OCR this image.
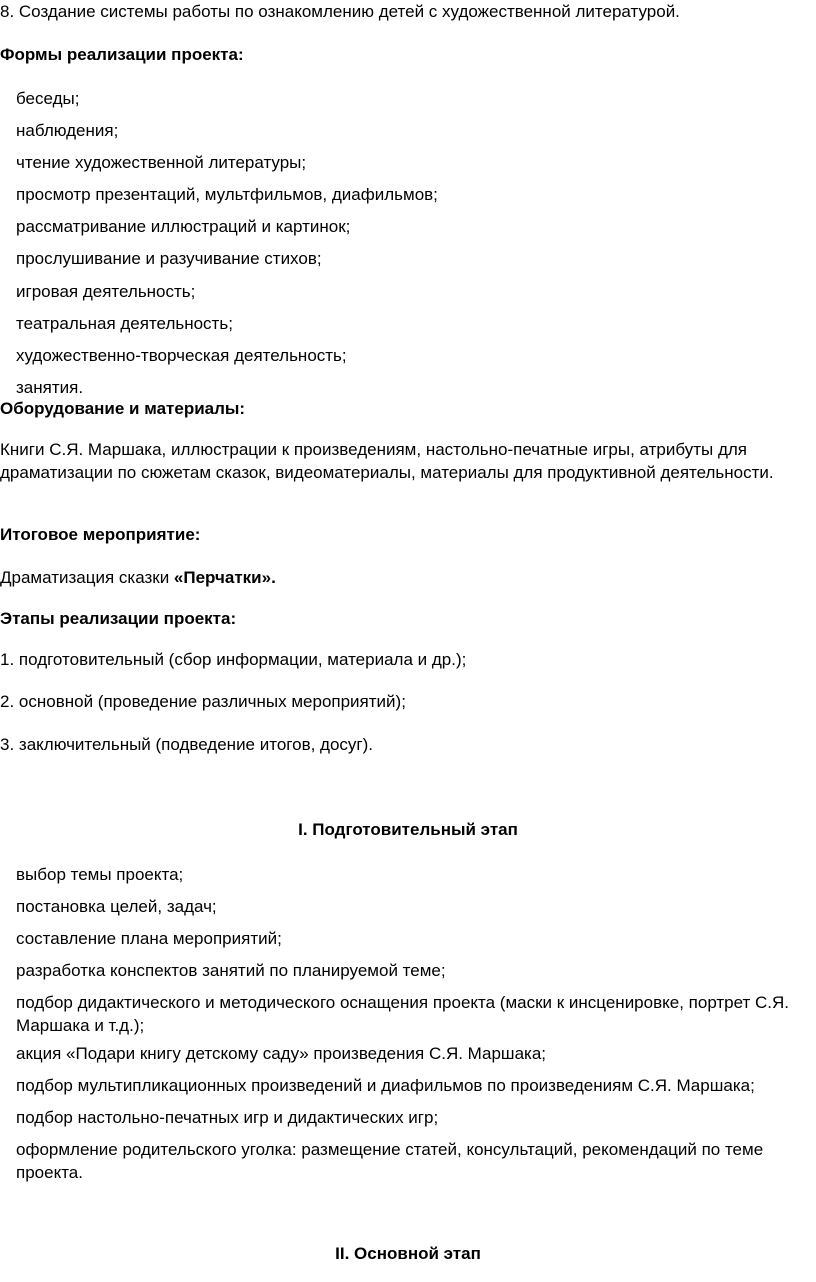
8. Создание системы работы по ознакомлению детей с художественной литературой.
Формы реализации проекта:
беседы;
наблюдения;
чтение художественной литературы;
просмотр презентаций, мультфильмов, диафильмов;
рассматривание иллюстраций и картинок;
прослушивание и разучивание стихов;
игровая деятельность;
театральная деятельность;
художественно-творческая деятельность;
занятия.
Оборудование и материалы:
Книги С.Я. Маршака, иллюстрации к произведениям, настольно-печатные игры, атрибуты для драматизации по сюжетам сказок, видеоматериалы, материалы для продуктивной деятельности.
Итоговое мероприятие:
Драматизация сказки «Перчатки».
Этапы реализации проекта:
1. подготовительный (сбор информации, материала и др.);
2. основной (проведение различных мероприятий);
3. заключительный (подведение итогов, досуг).
I. Подготовительный этап
выбор темы проекта;
постановка целей, задач;
составление плана мероприятий;
разработка конспектов занятий по планируемой теме;
подбор дидактического и методического оснащения проекта (маски к инсценировке, портрет С.Я. Маршака и т.д.);
акция «Подари книгу детскому саду» произведения С.Я. Маршака;
подбор мультипликационных произведений и диафильмов по произведениям С.Я. Маршака;
подбор настольно-печатных игр и дидактических игр;
оформление родительского уголка: размещение статей, консультаций, рекомендаций по теме проекта.
II. Основной этап
